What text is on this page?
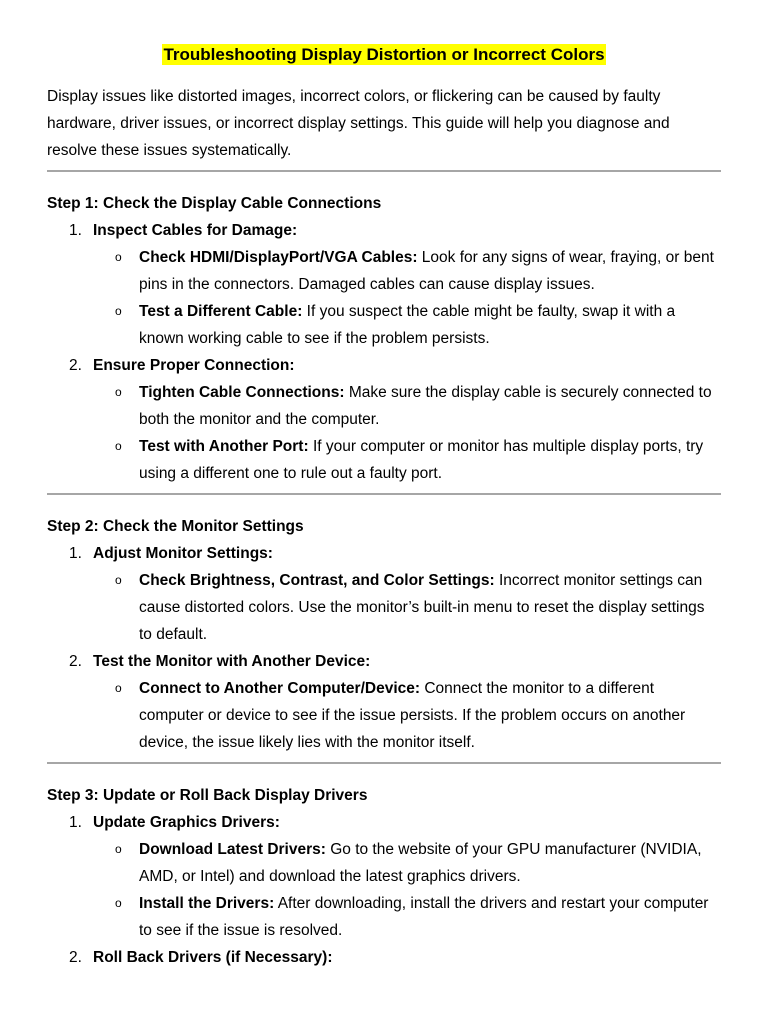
Troubleshooting Display Distortion or Incorrect Colors

Display issues like distorted images, incorrect colors, or flickering can be caused by faulty hardware, driver issues, or incorrect display settings. This guide will help you diagnose and resolve these issues systematically.

Step 1: Check the Display Cable Connections

1. Inspect Cables for Damage:
o Check HDMI/DisplayPort/VGA Cables: Look for any signs of wear, fraying, or bent pins in the connectors. Damaged cables can cause display issues.
o Test a Different Cable: If you suspect the cable might be faulty, swap it with a known working cable to see if the problem persists.
2. Ensure Proper Connection:
o Tighten Cable Connections: Make sure the display cable is securely connected to both the monitor and the computer.
o Test with Another Port: If your computer or monitor has multiple display ports, try using a different one to rule out a faulty port.

Step 2: Check the Monitor Settings

1. Adjust Monitor Settings:
o Check Brightness, Contrast, and Color Settings: Incorrect monitor settings can cause distorted colors. Use the monitor’s built-in menu to reset the display settings to default.
2. Test the Monitor with Another Device:
o Connect to Another Computer/Device: Connect the monitor to a different computer or device to see if the issue persists. If the problem occurs on another device, the issue likely lies with the monitor itself.

Step 3: Update or Roll Back Display Drivers

1. Update Graphics Drivers:
o Download Latest Drivers: Go to the website of your GPU manufacturer (NVIDIA, AMD, or Intel) and download the latest graphics drivers.
o Install the Drivers: After downloading, install the drivers and restart your computer to see if the issue is resolved.
2. Roll Back Drivers (if Necessary):
